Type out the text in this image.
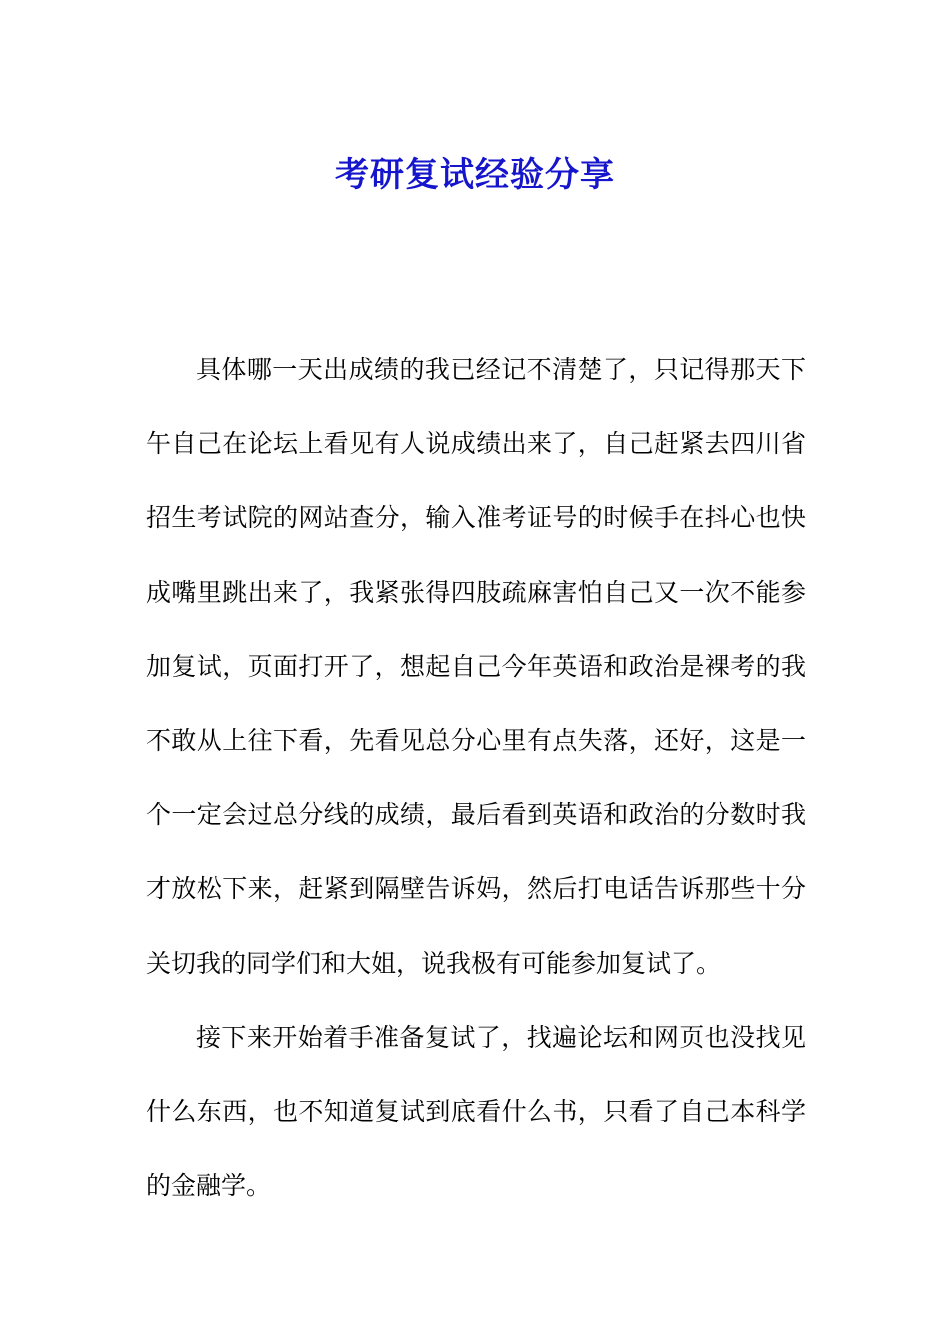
考研复试经验分享

具体哪一天出成绩的我已经记不清楚了，只记得那天下午自己在论坛上看见有人说成绩出来了，自己赶紧去四川省招生考试院的网站查分，输入准考证号的时候手在抖心也快成嘴里跳出来了，我紧张得四肢疏麻害怕自己又一次不能参加复试，页面打开了，想起自己今年英语和政治是裸考的我不敢从上往下看，先看见总分心里有点失落，还好，这是一个一定会过总分线的成绩，最后看到英语和政治的分数时我才放松下来，赶紧到隔壁告诉妈，然后打电话告诉那些十分关切我的同学们和大姐，说我极有可能参加复试了。

接下来开始着手准备复试了，找遍论坛和网页也没找见什么东西，也不知道复试到底看什么书，只看了自己本科学的金融学。
